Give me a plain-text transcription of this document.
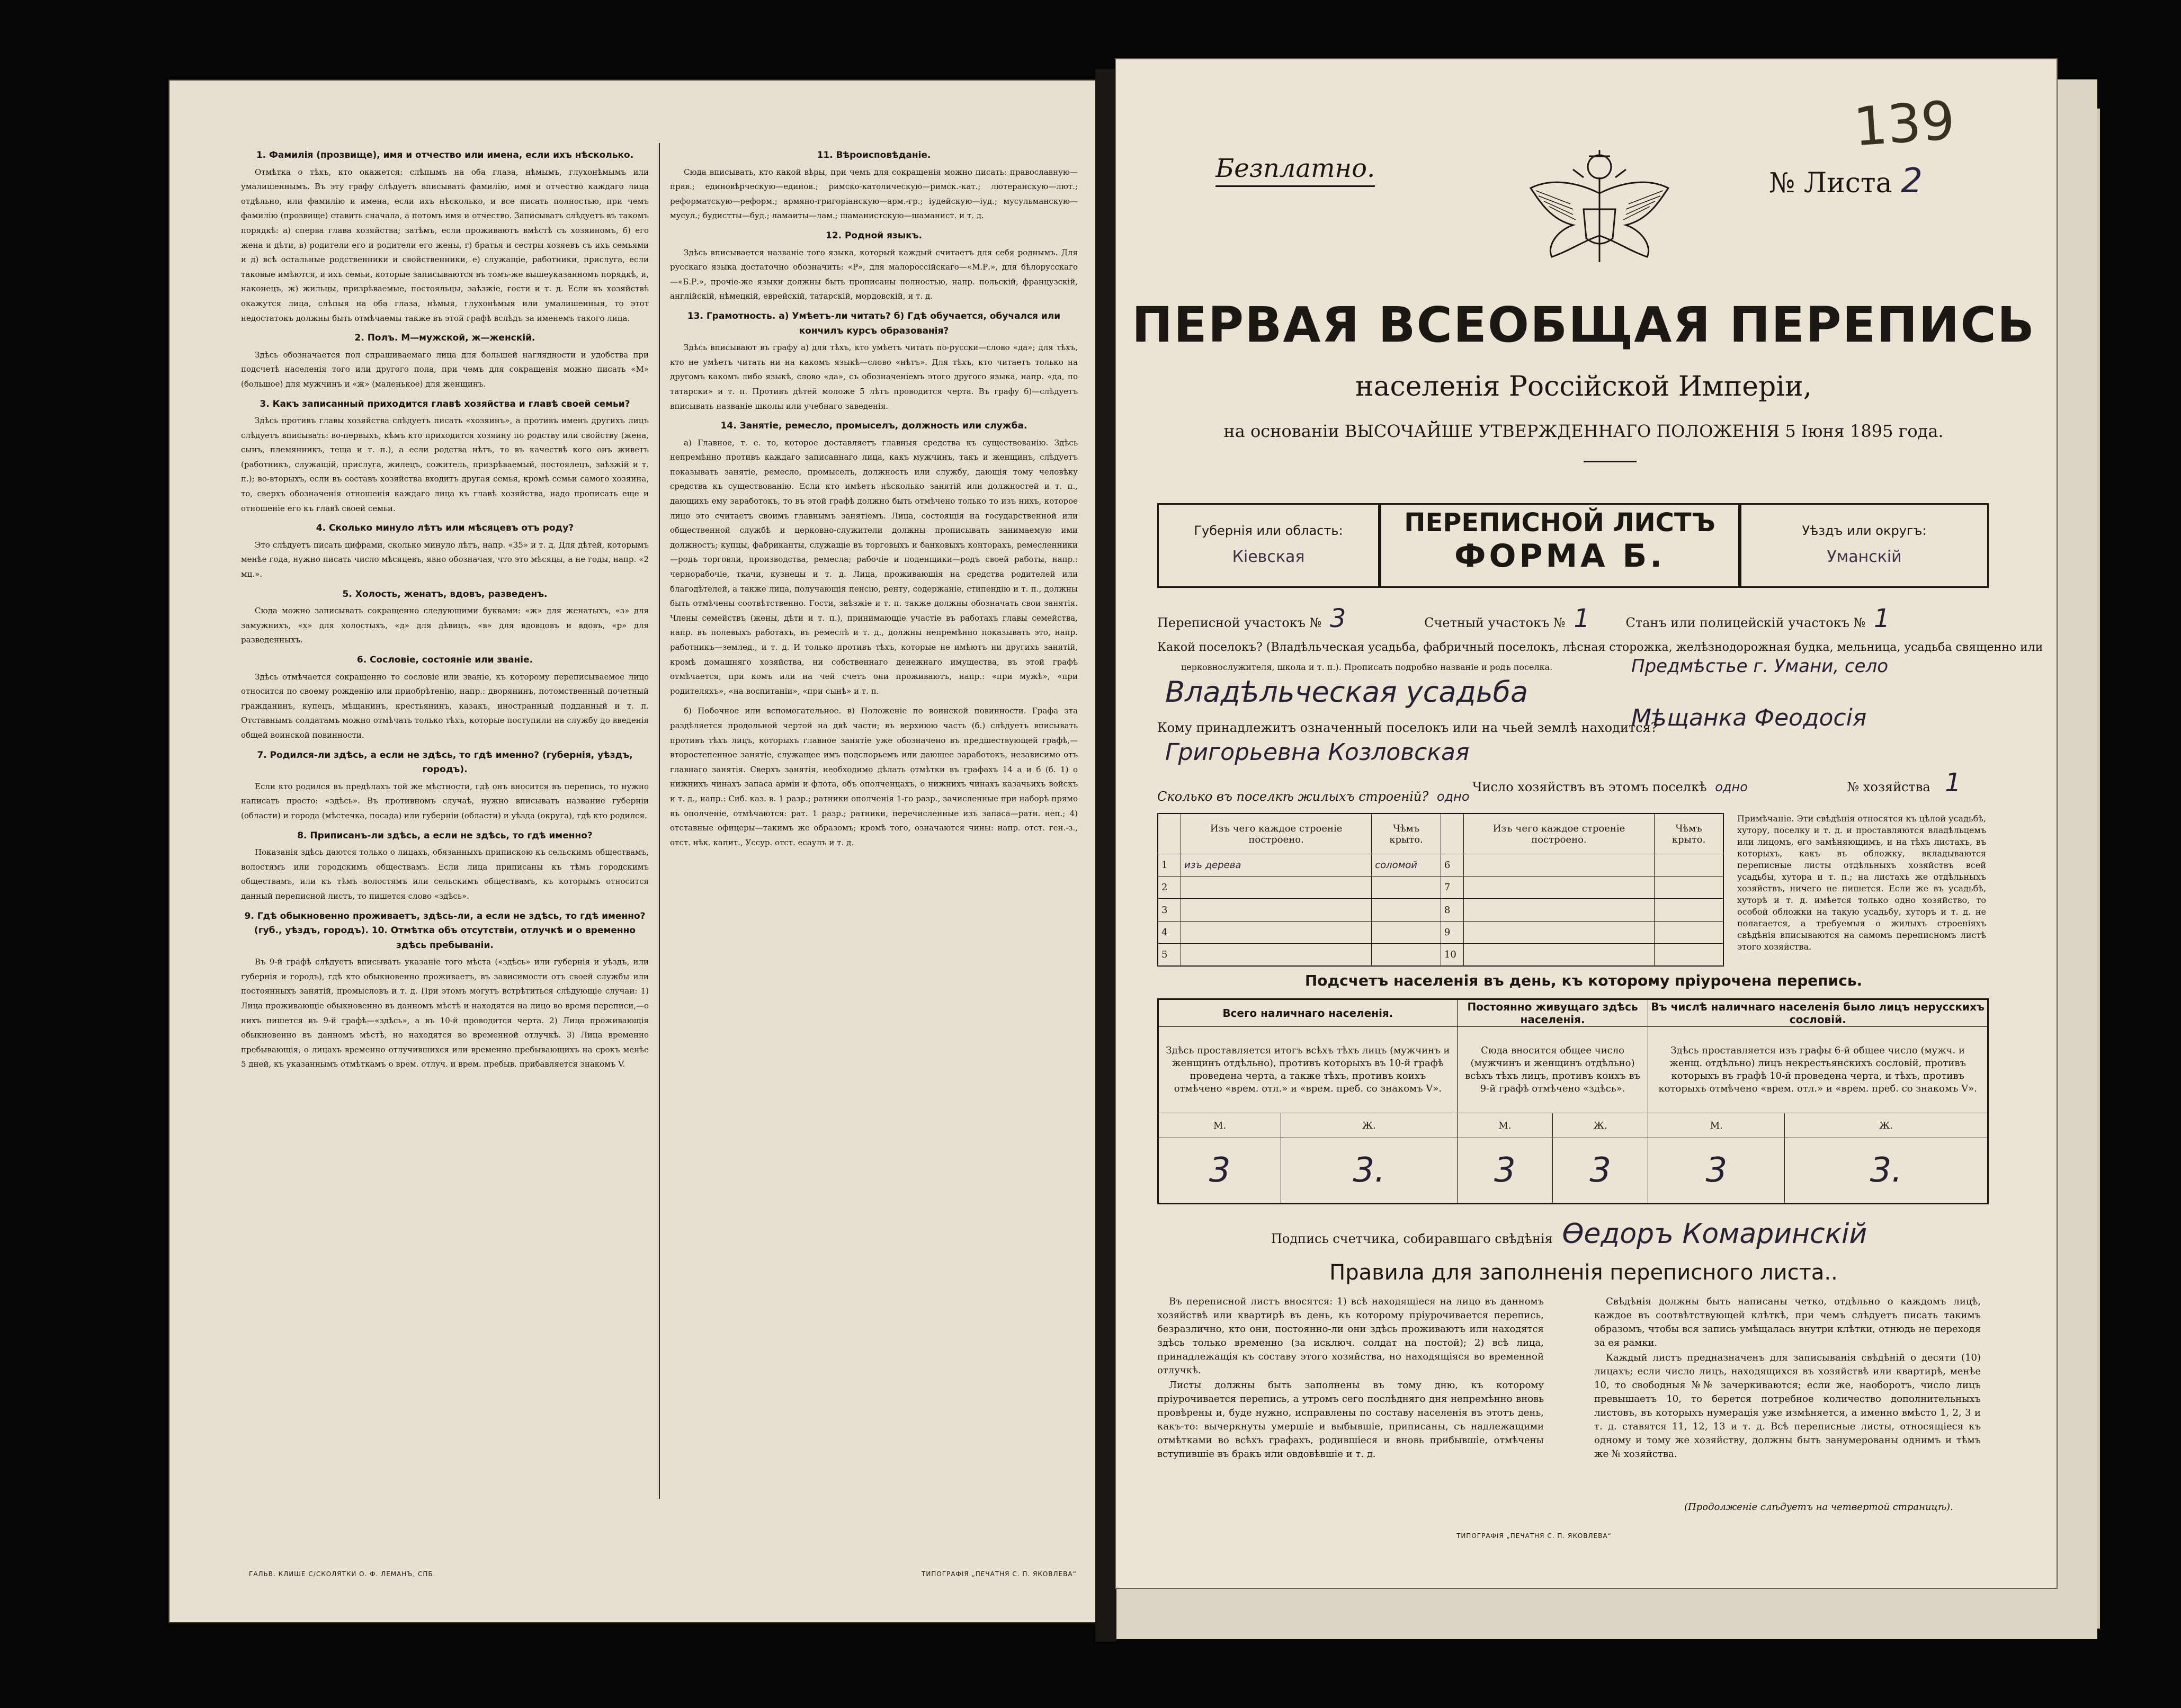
1. Фамилія (прозвище), имя и отчество или имена, если ихъ нѣсколько.
Отмѣтка о тѣхъ, кто окажется: слѣпымъ на оба глаза, нѣмымъ, глухонѣмымъ или умалишеннымъ. Въ эту графу слѣдуетъ вписывать фамилію, имя и отчество каждаго лица отдѣльно, или фамилію и имена, если ихъ нѣсколько, и все писать полностью, при чемъ фамилію (прозвище) ставить сначала, а потомъ имя и отчество. Записывать слѣдуетъ въ такомъ порядкѣ: а) сперва глава хозяйства; затѣмъ, если проживаютъ вмѣстѣ съ хозяиномъ, б) его жена и дѣти, в) родители его и родители его жены, г) братья и сестры хозяевъ съ ихъ семьями и д) всѣ остальные родственники и свойственники, е) служащіе, работники, прислуга, если таковые имѣются, и ихъ семьи, которые записываются въ томъ-же вышеуказанномъ порядкѣ, и, наконецъ, ж) жильцы, призрѣваемые, постояльцы, заѣзжіе, гости и т. д. Если въ хозяйствѣ окажутся лица, слѣпыя на оба глаза, нѣмыя, глухонѣмыя или умалишенныя, то этот недостатокъ должны быть отмѣчаемы также въ этой графѣ вслѣдъ за именемъ такого лица.
2. Полъ. М—мужской, ж—женскій.
Здѣсь обозначается пол спрашиваемаго лица для большей наглядности и удобства при подсчетѣ населенія того или другого пола, при чемъ для сокращенія можно писать «М» (большое) для мужчинъ и «ж» (маленькое) для женщинъ.
3. Какъ записанный приходится главѣ хозяйства и главѣ своей семьи?
Здѣсь противъ главы хозяйства слѣдуетъ писать «хозяинъ», а противъ именъ другихъ лицъ слѣдуетъ вписывать: во-первыхъ, кѣмъ кто приходится хозяину по родству или свойству (жена, сынъ, племянникъ, теща и т. п.), а если родства нѣтъ, то въ качествѣ кого онъ живетъ (работникъ, служащій, прислуга, жилецъ, сожитель, призрѣваемый, постоялецъ, заѣзжій и т. п.); во-вторыхъ, если въ составъ хозяйства входитъ другая семья, кромѣ семьи самого хозяина, то, сверхъ обозначенія отношенія каждаго лица къ главѣ хозяйства, надо прописать еще и отношеніе его къ главѣ своей семьи.
4. Сколько минуло лѣтъ или мѣсяцевъ отъ роду?
Это слѣдуетъ писать цифрами, сколько минуло лѣтъ, напр. «35» и т. д. Для дѣтей, которымъ менѣе года, нужно писать число мѣсяцевъ, явно обозначая, что это мѣсяцы, а не годы, напр. «2 мц.».
5. Холость, женатъ, вдовъ, разведенъ.
Сюда можно записывать сокращенно следующими буквами: «ж» для женатыхъ, «з» для замужнихъ, «х» для холостыхъ, «д» для дѣвицъ, «в» для вдовцовъ и вдовъ, «р» для разведенныхъ.
6. Сословіе, состояніе или званіе.
Здѣсь отмѣчается сокращенно то сословіе или званіе, къ которому переписываемое лицо относится по своему рожденію или приобрѣтенію, напр.: дворянинъ, потомственный почетный гражданинъ, купецъ, мѣщанинъ, крестьянинъ, казакъ, иностранный подданный и т. п. Отставнымъ солдатамъ можно отмѣчать только тѣхъ, которые поступили на службу до введенія общей воинской повинности.
7. Родился-ли здѣсь, а если не здѣсь, то гдѣ именно? (губернія, уѣздъ, городъ).
Если кто родился въ предѣлахъ той же мѣстности, гдѣ онъ вносится въ перепись, то нужно написать просто: «здѣсь». Въ противномъ случаѣ, нужно вписывать название губерніи (области) и города (мѣстечка, посада) или губерніи (области) и уѣзда (округа), гдѣ кто родился.
8. Приписанъ-ли здѣсь, а если не здѣсь, то гдѣ именно?
Показанія здѣсь даются только о лицахъ, обязанныхъ припискою къ сельскимъ обществамъ, волостямъ или городскимъ обществамъ. Если лица приписаны къ тѣмъ городскимъ обществамъ, или къ тѣмъ волостямъ или сельскимъ обществамъ, къ которымъ относится данный переписной листъ, то пишется слово «здѣсь».
9. Гдѣ обыкновенно проживаетъ, здѣсь-ли, а если не здѣсь, то гдѣ именно? (губ., уѣздъ, городъ). 10. Отмѣтка объ отсутствіи, отлучкѣ и о временно здѣсь пребываніи.
Въ 9-й графѣ слѣдуетъ вписывать указаніе того мѣста («здѣсь» или губернія и уѣздъ, или губернія и городъ), гдѣ кто обыкновенно проживаетъ, въ зависимости отъ своей службы или постоянныхъ занятій, промысловъ и т. д. При этомъ могутъ встрѣтиться слѣдующіе случаи: 1) Лица проживающіе обыкновенно въ данномъ мѣстѣ и находятся на лицо во время переписи,—о нихъ пишется въ 9-й графѣ—«здѣсь», а въ 10-й проводится черта. 2) Лица проживающія обыкновенно въ данномъ мѣстѣ, но находятся во временной отлучкѣ. 3) Лица временно пребывающія, о лицахъ временно отлучившихся или временно пребывающихъ на срокъ менѣе 5 дней, къ указаннымъ отмѣткамъ о врем. отлуч. и врем. пребыв. прибавляется знакомъ V.
11. Вѣроисповѣданіе.
Сюда вписывать, кто какой вѣры, при чемъ для сокращенія можно писать: православную—прав.; единовѣрческую—единов.; римско-католическую—римск.-кат.; лютеранскую—лют.; реформатскую—реформ.; армяно-григоріанскую—арм.-гр.; іудейскую—іуд.; мусульманскую—мусул.; будистты—буд.; ламаиты—лам.; шаманистскую—шаманист. и т. д.
12. Родной языкъ.
Здѣсь вписывается названіе того языка, который каждый считаетъ для себя роднымъ. Для русскаго языка достаточно обозначить: «Р», для малороссійскаго—«М.Р.», для бѣлорусскаго—«Б.Р.», прочіе-же языки должны быть прописаны полностью, напр. польскій, французскій, англійскій, нѣмецкій, еврейскій, татарскій, мордовскій, и т. д.
13. Грамотность. а) Умѣетъ-ли читать? б) Гдѣ обучается, обучался или кончилъ курсъ образованія?
Здѣсь вписывают въ графу а) для тѣхъ, кто умѣетъ читать по-русски—слово «да»; для тѣхъ, кто не умѣетъ читать ни на какомъ языкѣ—слово «нѣтъ». Для тѣхъ, кто читаетъ только на другомъ какомъ либо языкѣ, слово «да», съ обозначеніемъ этого другого языка, напр. «да, по татарски» и т. п. Противъ дѣтей моложе 5 лѣтъ проводится черта. Въ графу б)—слѣдуетъ вписывать названіе школы или учебнаго заведенія.
14. Занятіе, ремесло, промыселъ, должность или служба.
а) Главное, т. е. то, которое доставляетъ главныя средства къ существованію. Здѣсь непремѣнно противъ каждаго записаннаго лица, какъ мужчинъ, такъ и женщинъ, слѣдуетъ показывать занятіе, ремесло, промыселъ, должность или службу, дающія тому человѣку средства къ существованію. Если кто имѣетъ нѣсколько занятій или должностей и т. п., дающихъ ему заработокъ, то въ этой графѣ должно быть отмѣчено только то изъ нихъ, которое лицо это считаетъ своимъ главнымъ занятіемъ. Лица, состоящія на государственной или общественной службѣ и церковно-служители должны прописывать занимаемую ими должность; купцы, фабриканты, служащіе въ торговыхъ и банковыхъ конторахъ, ремесленники—родъ торговли, производства, ремесла; рабочіе и поденщики—родъ своей работы, напр.: чернорабочіе, ткачи, кузнецы и т. д. Лица, проживающія на средства родителей или благодѣтелей, а также лица, получающія пенсію, ренту, содержаніе, стипендію и т. п., должны быть отмѣчены соотвѣтственно. Гости, заѣзжіе и т. п. также должны обозначать свои занятія. Члены семействъ (жены, дѣти и т. п.), принимающіе участіе въ работахъ главы семейства, напр. въ полевыхъ работахъ, въ ремеслѣ и т. д., должны непремѣнно показывать это, напр. работникъ—землед., и т. д. И только противъ тѣхъ, которые не имѣютъ ни другихъ занятій, кромѣ домашняго хозяйства, ни собственнаго денежнаго имущества, въ этой графѣ отмѣчается, при комъ или на чей счетъ они проживаютъ, напр.: «при мужѣ», «при родителяхъ», «на воспитаніи», «при сынѣ» и т. п.
б) Побочное или вспомогательное. в) Положеніе по воинской повинности. Графа эта раздѣляется продольной чертой на двѣ части; въ верхнюю часть (б.) слѣдуетъ вписывать противъ тѣхъ лицъ, которыхъ главное занятіе уже обозначено въ предшествующей графѣ,—второстепенное занятіе, служащее имъ подспорьемъ или дающее заработокъ, независимо отъ главнаго занятія. Сверхъ занятія, необходимо дѣлать отмѣтки въ графахъ 14 а и б (б. 1) о нижнихъ чинахъ запаса арміи и флота, объ ополченцахъ, о нижнихъ чинахъ казачьихъ войскъ и т. д., напр.: Сиб. каз. в. 1 разр.; ратники ополченія 1-го разр., зачисленные при наборѣ прямо въ ополченіе, отмѣчаются: рат. 1 разр.; ратники, перечисленные изъ запаса—ратн. неп.; 4) отставные офицеры—такимъ же образомъ; кромѣ того, означаются чины: напр. отст. ген.-з., отст. нѣк. капит., Уссур. отст. есаулъ и т. д.
ГАЛЬВ. КЛИШЕ С/СКОЛЯТКИ О. Ф. ЛЕМАНЪ, СПБ.	ТИПОГРАФІЯ „ПЕЧАТНЯ С. П. ЯКОВЛЕВА“
139
Безплатно.	№ Листа 2
ПЕРВАЯ ВСЕОБЩАЯ ПЕРЕПИСЬ
населенія Россійской Имперіи,
на основаніи ВЫСОЧАЙШЕ УТВЕРЖДЕННАГО ПОЛОЖЕНІЯ 5 Іюня 1895 года.
Губернія или область:
Кіевская
ПЕРЕПИСНОЙ ЛИСТЪ
ФОРМА Б.
Уѣздъ или округъ:
Уманскій
Переписной участокъ № 3	Счетный участокъ № 1	Станъ или полицейскій участокъ № 1
Какой поселокъ? (Владѣльческая усадьба, фабричный поселокъ, лѣсная сторожка, желѣзнодорожная будка, мельница, усадьба священно или
церковнослужителя, школа и т. п.). Прописать подробно названіе и родъ поселка.	Предмѣстье г. Умани, село
Владѣльческая усадьба
Кому принадлежитъ означенный поселокъ или на чьей землѣ находится?
Мѣщанка Феодосія
Григорьевна Козловская
Число хозяйствъ въ этомъ поселкѣ одно	№ хозяйства 1
Сколько въ поселкѣ жилыхъ строеній? одно
	Изъ чего каждое строеніе построено.	Чѣмъ крыто.		Изъ чего каждое строеніе построено.	Чѣмъ крыто.
1	изъ дерева	соломой	6		
2			7		
3			8		
4			9		
5			10		
Примѣчаніе. Эти свѣдѣнія относятся къ цѣлой усадьбѣ, хутору, поселку и т. д. и проставляются владѣльцемъ или лицомъ, его замѣняющимъ, и на тѣхъ листахъ, въ которыхъ, какъ въ обложку, вкладываются переписные листы отдѣльныхъ хозяйствъ всей усадьбы, хутора и т. п.; на листахъ же отдѣльныхъ хозяйствъ, ничего не пишется. Если же въ усадьбѣ, хуторѣ и т. д. имѣется только одно хозяйство, то особой обложки на такую усадьбу, хуторъ и т. д. не полагается, а требуемыя о жилыхъ строеніяхъ свѣдѣнія вписываются на самомъ переписномъ листѣ этого хозяйства.
Подсчетъ населенія въ день, къ которому пріурочена перепись.
Всего наличнаго населенія.		Постоянно живущаго здѣсь населенія.		Въ числѣ наличнаго населенія было лицъ нерусскихъ сословій.	
Здѣсь проставляется итогъ всѣхъ тѣхъ лицъ (мужчинъ и женщинъ отдѣльно), противъ которыхъ въ 10-й графѣ проведена черта, а также тѣхъ, противъ коихъ отмѣчено «врем. отл.» и «врем. преб. со знакомъ V».		Сюда вносится общее число (мужчинъ и женщинъ отдѣльно) всѣхъ тѣхъ лицъ, противъ коихъ въ 9-й графѣ отмѣчено «здѣсь».		Здѣсь проставляется изъ графы 6-й общее число (мужч. и женщ. отдѣльно) лицъ некрестьянскихъ сословій, противъ которыхъ въ графѣ 10-й проведена черта, и тѣхъ, противъ которыхъ отмѣчено «врем. отл.» и «врем. преб. со знакомъ V».	
М.	Ж.	М.	Ж.	М.	Ж.
3	3.	3	3	3	3.
Подпись счетчика, собиравшаго свѣдѣнія Ѳедоръ Комаринскій
Правила для заполненія переписного листа..

Въ переписной листъ вносятся: 1) всѣ находящіеся на лицо въ данномъ хозяйствѣ или квартирѣ въ день, къ которому пріурочивается перепись, безразлично, кто они, постоянно-ли они здѣсь проживаютъ или находятся здѣсь только временно (за исключ. солдат на постой); 2) всѣ лица, принадлежащія къ составу этого хозяйства, но находящіяся во временной отлучкѣ.

Листы должны быть заполнены въ тому дню, къ которому пріурочивается перепись, а утромъ сего послѣдняго дня непремѣнно вновь провѣрены и, буде нужно, исправлены по составу населенія въ этотъ день, какъ-то: вычеркнуты умершіе и выбывшіе, приписаны, съ надлежащими отмѣтками во всѣхъ графахъ, родившіеся и вновь прибывшіе, отмѣчены вступившіе въ бракъ или овдовѣвшіе и т. д.

Свѣдѣнія должны быть написаны четко, отдѣльно о каждомъ лицѣ, каждое въ соотвѣтствующей клѣткѣ, при чемъ слѣдуетъ писать такимъ образомъ, чтобы вся запись умѣщалась внутри клѣтки, отнюдь не переходя за ея рамки.

Каждый листъ предназначенъ для записыванія свѣдѣній о десяти (10) лицахъ; если число лицъ, находящихся въ хозяйствѣ или квартирѣ, менѣе 10, то свободныя №№ зачеркиваются; если же, наоборотъ, число лицъ превышаетъ 10, то берется потребное количество дополнительныхъ листовъ, въ которыхъ нумерація уже измѣняется, а именно вмѣсто 1, 2, 3 и т. д. ставятся 11, 12, 13 и т. д. Всѣ переписные листы, относящіеся къ одному и тому же хозяйству, должны быть занумерованы однимъ и тѣмъ же № хозяйства.

(Продолженіе слѣдуетъ на четвертой страницѣ).
ТИПОГРАФІЯ „ПЕЧАТНЯ С. П. ЯКОВЛЕВА“
